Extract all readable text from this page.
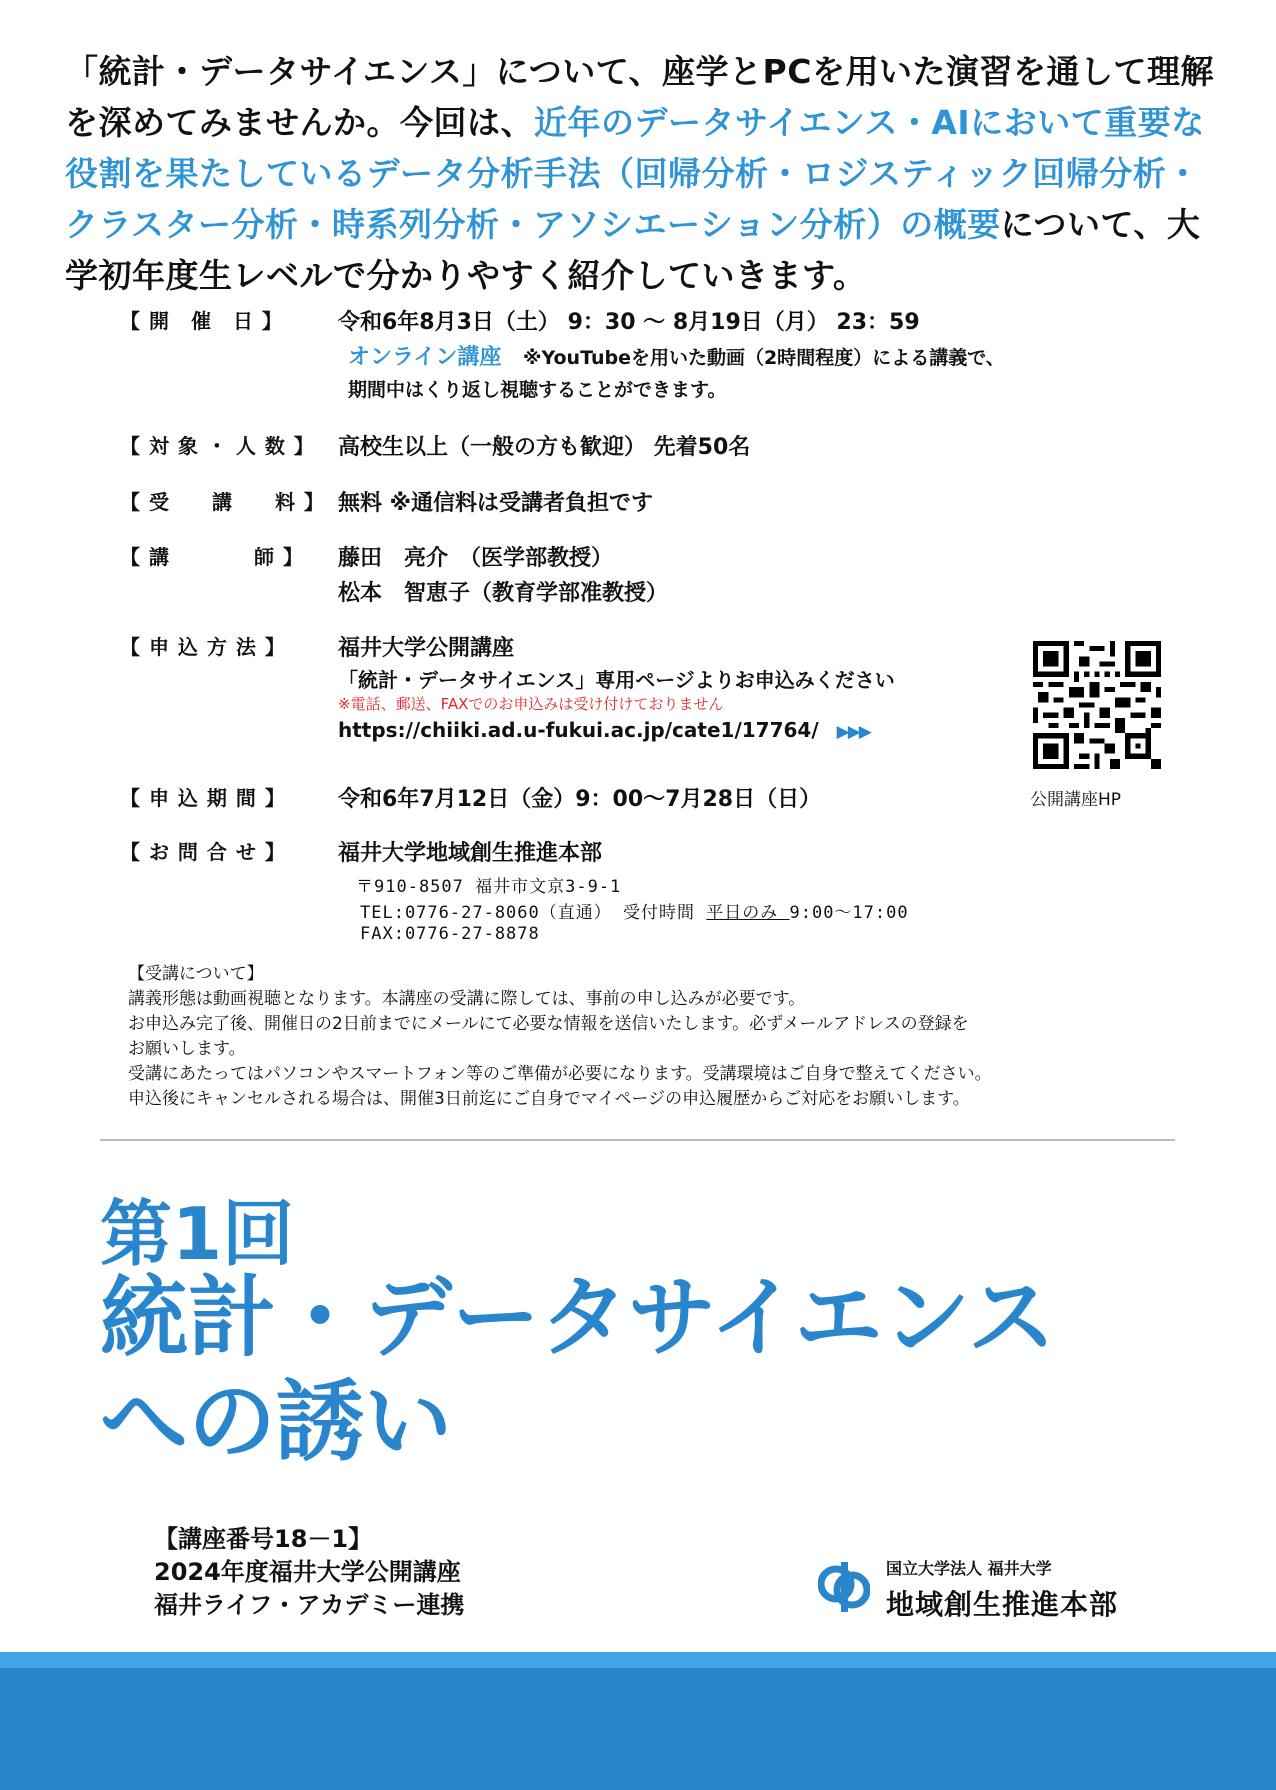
「統計・データサイエンス」について、座学とPCを用いた演習を通して理解を深めてみませんか。今回は、近年のデータサイエンス・AIにおいて重要な役割を果たしているデータ分析手法（回帰分析・ロジスティック回帰分析・クラスター分析・時系列分析・アソシエーション分析）の概要について、大学初年度生レベルで分かりやすく紹介していきます。
【 開　催　日 】	令和6年8月3日（土） 9：30 〜 8月19日（月） 23：59
オンライン講座 ※YouTubeを用いた動画（2時間程度）による講義で、
期間中はくり返し視聴することができます。
【 対 象 ・ 人 数 】 高校生以上（一般の方も歓迎） 先着50名
【 受　　講　　料 】 無料 ※通信料は受講者負担です
【 講　　　　師 】 藤田　亮介　（医学部教授）
松本　智恵子（教育学部准教授）
【 申 込 方 法 】	福井大学公開講座
「統計・データサイエンス」専用ページよりお申込みください
※電話、郵送、FAXでのお申込みは受け付けておりません
https://chiiki.ad.u-fukui.ac.jp/cate1/17764/ ▶▶▶
公開講座HP
【 申 込 期 間 】	令和6年7月12日（金）9：00〜7月28日（日）
【 お 問 合 せ 】	福井大学地域創生推進本部
〒910-8507 福井市文京3-9-1
TEL:0776-27-8060（直通） 受付時間 平日のみ 9:00〜17:00
FAX:0776-27-8878
【受講について】
講義形態は動画視聴となります。本講座の受講に際しては、事前の申し込みが必要です。
お申込み完了後、開催日の2日前までにメールにて必要な情報を送信いたします。必ずメールアドレスの登録を
お願いします。
受講にあたってはパソコンやスマートフォン等のご準備が必要になります。受講環境はご自身で整えてください。
申込後にキャンセルされる場合は、開催3日前迄にご自身でマイページの申込履歴からご対応をお願いします。
第1回
統計・データサイエンス
への誘い
【講座番号18－1】
2024年度福井大学公開講座
福井ライフ・アカデミー連携
国立大学法人 福井大学
地域創生推進本部
